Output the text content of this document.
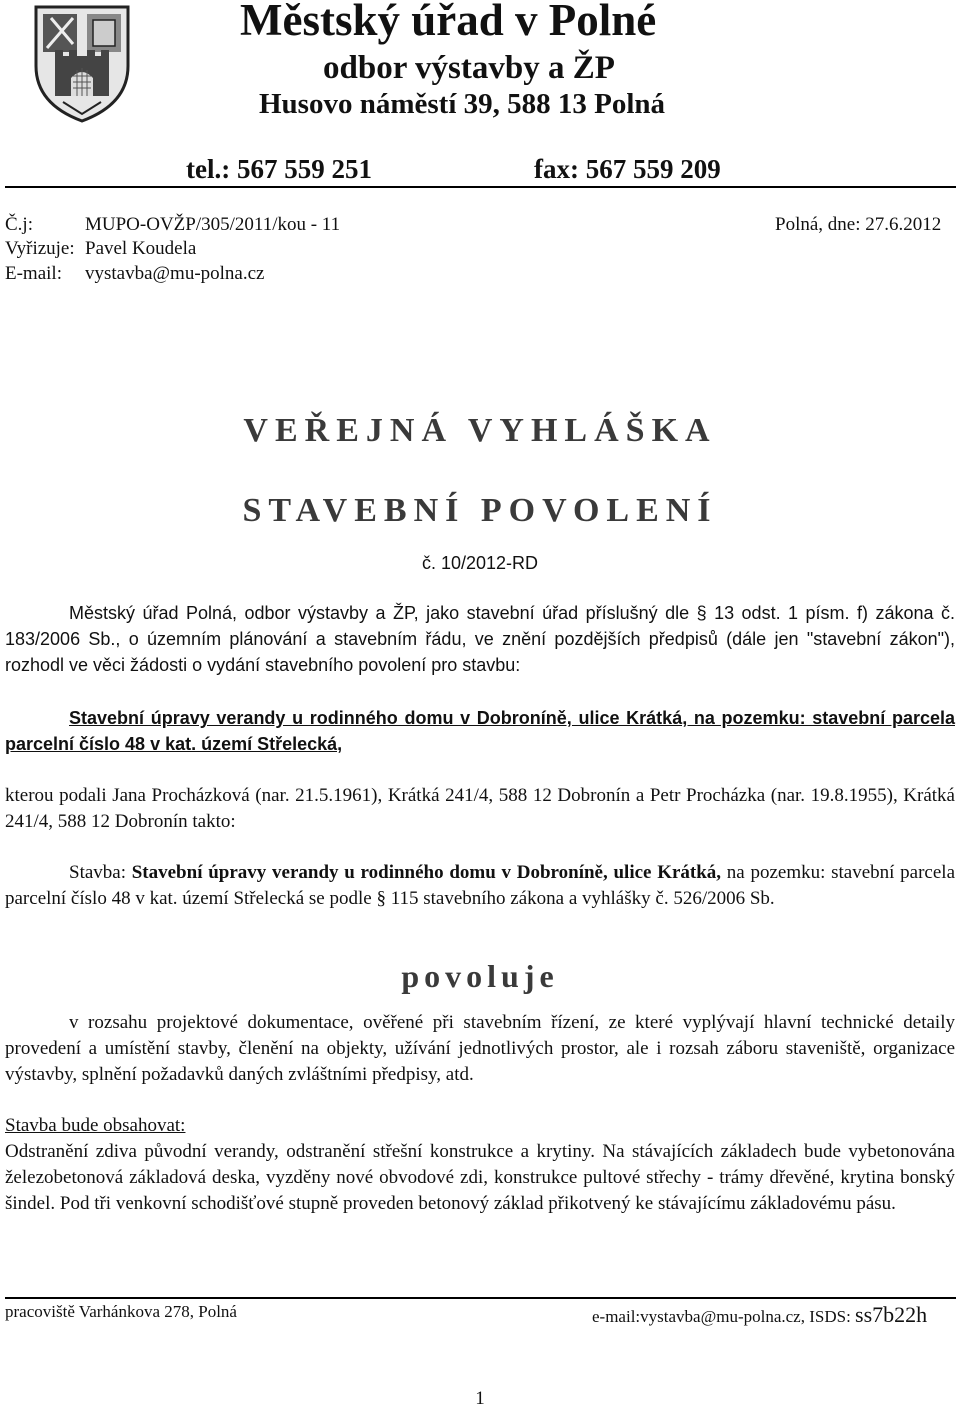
Městský úřad v Polné
odbor výstavby a ŽP
Husovo náměstí 39, 588 13 Polná
tel.: 567 559 251	fax: 567 559 209
Č.j:	MUPO-OVŽP/305/2011/kou - 11	Polná, dne: 27.6.2012
Vyřizuje: Pavel Koudela
E-mail: vystavba@mu-polna.cz
VEŘEJNÁ VYHLÁŠKA
STAVEBNÍ POVOLENÍ
č. 10/2012-RD
Městský úřad Polná, odbor výstavby a ŽP, jako stavební úřad příslušný dle § 13 odst. 1 písm. f) zákona č. 183/2006 Sb., o územním plánování a stavebním řádu, ve znění pozdějších předpisů (dále jen "stavební zákon"), rozhodl ve věci žádosti o vydání stavebního povolení pro stavbu:
Stavební úpravy verandy u rodinného domu v Dobroníně, ulice Krátká, na pozemku: stavební parcela parcelní číslo 48 v kat. území Střelecká,
kterou podali Jana Procházková (nar. 21.5.1961), Krátká 241/4, 588 12 Dobronín a Petr Procházka (nar. 19.8.1955), Krátká 241/4, 588 12 Dobronín takto:
Stavba: Stavební úpravy verandy u rodinného domu v Dobroníně, ulice Krátká, na pozemku: stavební parcela parcelní číslo 48 v kat. území Střelecká se podle § 115 stavebního zákona a vyhlášky č. 526/2006 Sb.
povoluje
v rozsahu projektové dokumentace, ověřené při stavebním řízení, ze které vyplývají hlavní technické detaily provedení a umístění stavby, členění na objekty, užívání jednotlivých prostor, ale i rozsah záboru staveniště, organizace výstavby, splnění požadavků daných zvláštními předpisy, atd.
Stavba bude obsahovat:
Odstranění zdiva původní verandy, odstranění střešní konstrukce a krytiny. Na stávajících základech bude vybetonována železobetonová základová deska, vyzděny nové obvodové zdi, konstrukce pultové střechy - trámy dřevěné, krytina bonský šindel. Pod tři venkovní schodišťové stupně proveden betonový základ přikotvený ke stávajícímu základovému pásu.
pracoviště Varhánkova 278, Polná	e-mail:vystavba@mu-polna.cz, ISDS: ss7b22h
1
